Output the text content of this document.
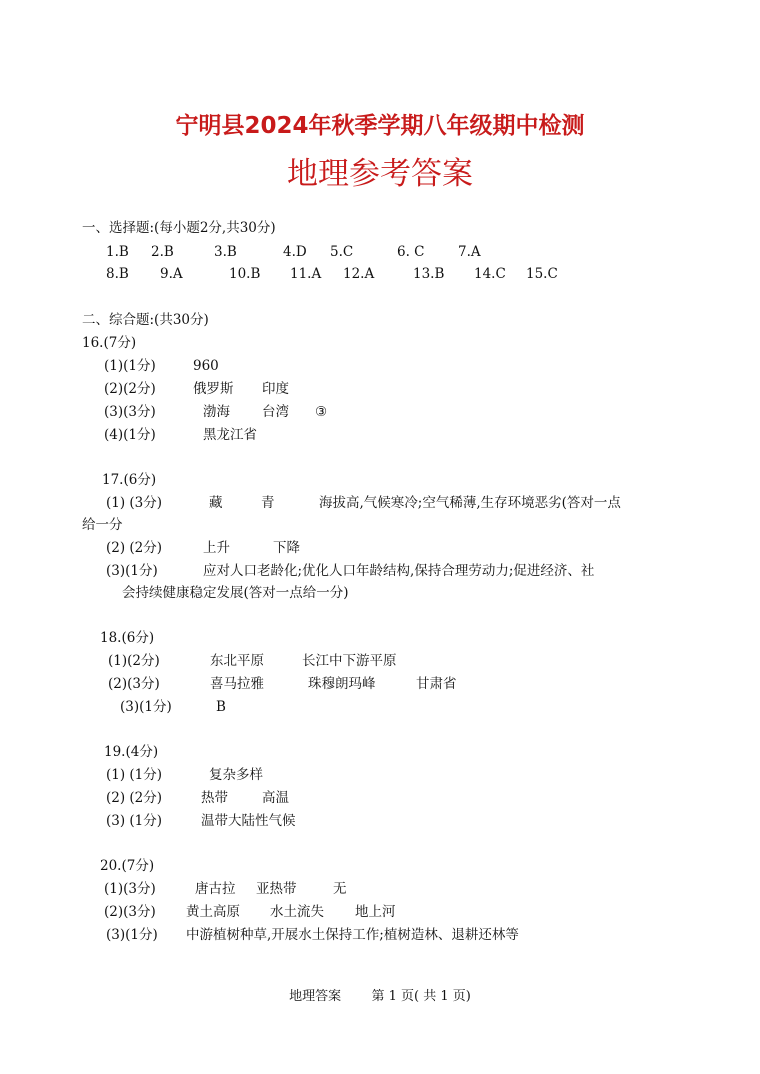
宁明县2024年秋季学期八年级期中检测
地理参考答案
一、选择题:(每小题2分,共30分)
1.B 2.B	3.B	4.D 5.C	6. C 7.A
8.B 9.A	10.B 11.A 12.A	13.B 14.C 15.C
二、综合题:(共30分)
16.(7分)
(1)(1分)	960
(2)(2分)	俄罗斯 印度
(3)(3分)	渤海 台湾 ③
(4)(1分)	黑龙江省
17.(6分)
(1) (3分)	藏	青	海拔高,气候寒冷;空气稀薄,生存环境恶劣(答对一点
给一分
(2) (2分)	上升	下降
(3)(1分)	应对人口老龄化;优化人口年龄结构,保持合理劳动力;促进经济、社
会持续健康稳定发展(答对一点给一分)
18.(6分)
(1)(2分)	东北平原	长江中下游平原
(2)(3分)	喜马拉雅	珠穆朗玛峰	甘肃省
(3)(1分)	B
19.(4分)
(1) (1分)	复杂多样
(2) (2分)	热带	高温
(3) (1分)	温带大陆性气候
20.(7分)
(1)(3分)	唐古拉 亚热带	无
(2)(3分) 黄土高原 水土流失 地上河
(3)(1分) 中游植树种草,开展水土保持工作;植树造林、退耕还林等
地理答案 第 1 页( 共 1 页)
